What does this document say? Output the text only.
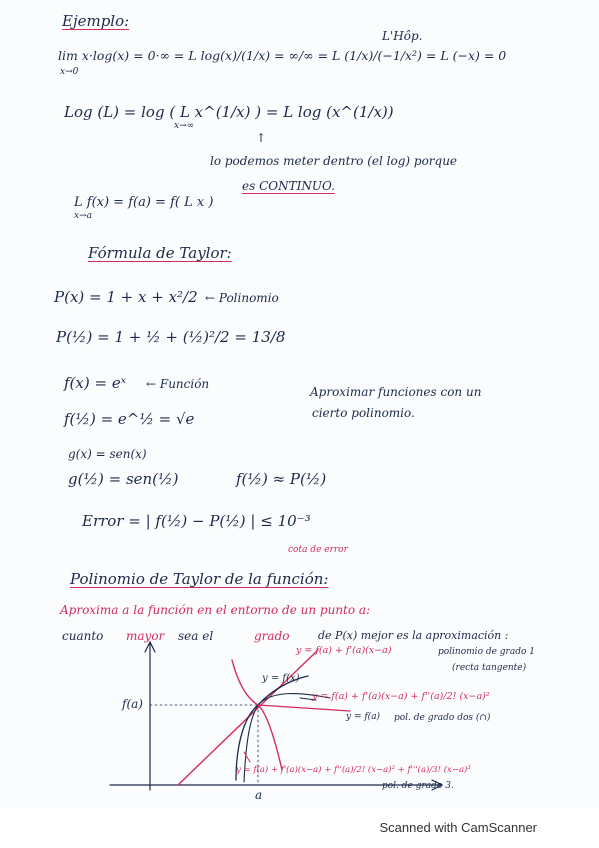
Ejemplo:
L'Hôp.
lim x·log(x) = 0·∞ = L log(x)/(1/x) = ∞/∞ = L (1/x)/(−1/x²) = L (−x) = 0
x→0
Log (L) = log ( L x^(1/x) ) = L log (x^(1/x))
x→∞
↑
lo podemos meter dentro (el log) porque
es CONTINUO.
L f(x) = f(a) = f( L x )
x→a
Fórmula de Taylor:
P(x) = 1 + x + x²/2 ← Polinomio
P(½) = 1 + ½ + (½)²/2 = 13/8
f(x) = eˣ ← Función
f(½) = e^½ = √e
Aproximar funciones con un
cierto polinomio.
g(x) = sen(x)
g(½) = sen(½)	f(½) ≈ P(½)
Error = | f(½) − P(½) | ≤ 10⁻³
cota de error
Polinomio de Taylor de la función:
Aproxima a la función en el entorno de un punto a:
cuanto mayor sea el	grado	de P(x) mejor es la aproximación :
f(a)
a
y = f(x)
y = f(a) + f'(a)(x−a)	polinomio de grado 1
(recta tangente)
y = f(a) + f'(a)(x−a) + f''(a)/2! (x−a)²
pol. de grado dos (∩)
y = f(a)
y = f(a) + f'(a)(x−a) + f''(a)/2! (x−a)² + f'''(a)/3! (x−a)³
pol. de grado 3.
Scanned with CamScanner
